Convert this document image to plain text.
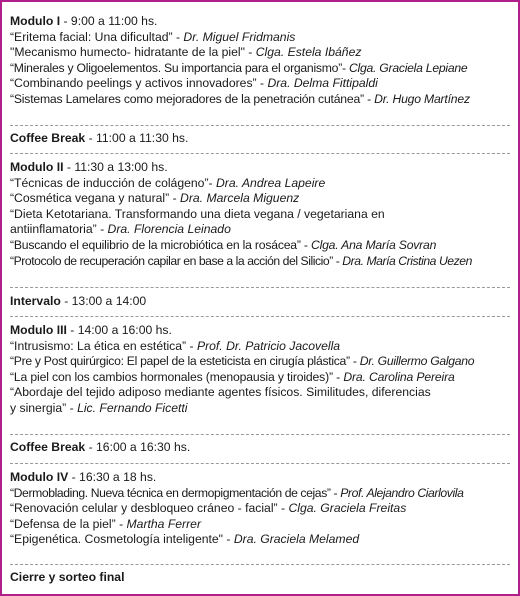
Modulo I - 9:00 a 11:00 hs.
“Eritema facial: Una dificultad” - Dr. Miguel Fridmanis
"Mecanismo humecto- hidratante de la piel" - Clga. Estela Ibáñez
“Minerales y Oligoelementos. Su importancia para el organismo”- Clga. Graciela Lepiane
“Combinando peelings y activos innovadores” - Dra. Delma Fittipaldi
“Sistemas Lamelares como mejoradores de la penetración cutánea” - Dr. Hugo Martínez
Coffee Break - 11:00 a 11:30 hs.
Modulo II - 11:30 a 13:00 hs.
“Técnicas de inducción de colágeno”- Dra. Andrea Lapeire
“Cosmética vegana y natural” - Dra. Marcela Miguenz
“Dieta Ketotariana. Transformando una dieta vegana / vegetariana en
antiinflamatoria” - Dra. Florencia Leinado
“Buscando el equilibrio de la microbiótica en la rosácea” - Clga. Ana María Sovran
“Protocolo de recuperación capilar en base a la acción del Silicio” - Dra. María Cristina Uezen
Intervalo - 13:00 a 14:00
Modulo III - 14:00 a 16:00 hs.
“Intrusismo: La ética en estética” - Prof. Dr. Patricio Jacovella
“Pre y Post quirúrgico: El papel de la esteticista en cirugía plástica” - Dr. Guillermo Galgano
“La piel con los cambios hormonales (menopausia y tiroides)” - Dra. Carolina Pereira
“Abordaje del tejido adiposo mediante agentes físicos. Similitudes, diferencias
y sinergia” - Lic. Fernando Ficetti
Coffee Break - 16:00 a 16:30 hs.
Modulo IV - 16:30 a 18 hs.
“Dermoblading. Nueva técnica en dermopigmentación de cejas” - Prof. Alejandro Ciarlovila
“Renovación celular y desbloqueo cráneo - facial” - Clga. Graciela Freitas
“Defensa de la piel” - Martha Ferrer
“Epigenética. Cosmetología inteligente" - Dra. Graciela Melamed
Cierre y sorteo final
